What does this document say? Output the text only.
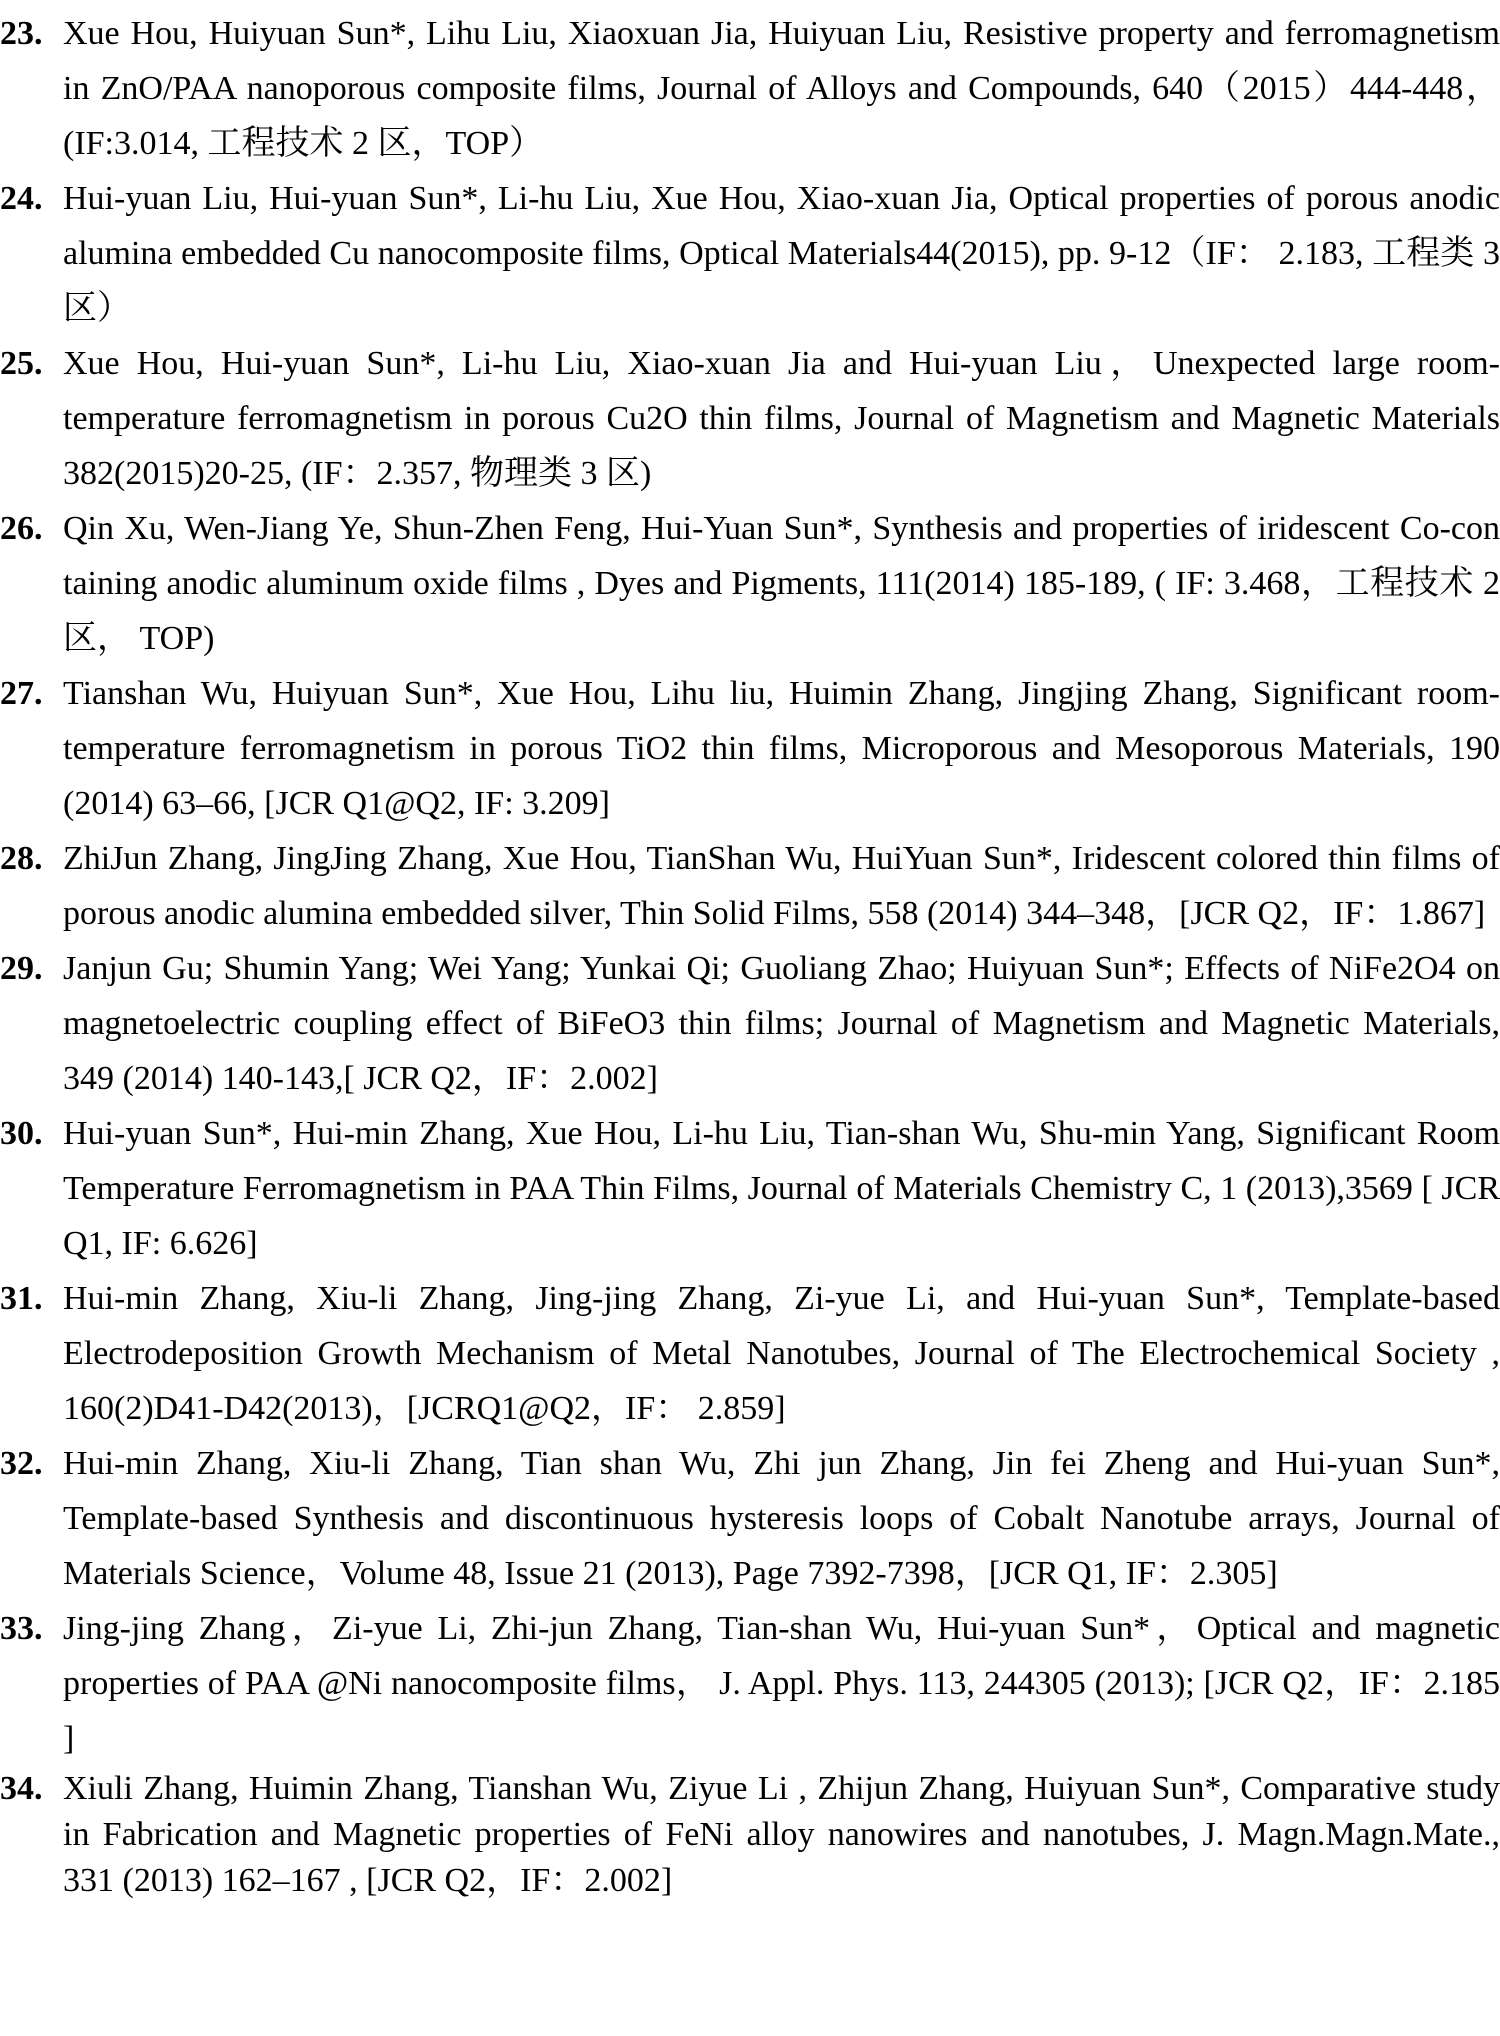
23. Xue Hou, Huiyuan Sun*, Lihu Liu, Xiaoxuan Jia, Huiyuan Liu, Resistive property and ferromagnetism in ZnO/PAA nanoporous composite films, Journal of Alloys and Compounds, 640（2015）444-448，(IF:3.014, 工程技术 2 区，TOP）
24. Hui-yuan Liu, Hui-yuan Sun*, Li-hu Liu, Xue Hou, Xiao-xuan Jia, Optical properties of porous anodic alumina embedded Cu nanocomposite films, Optical Materials44(2015), pp. 9-12（IF： 2.183, 工程类 3 区）
25. Xue Hou, Hui-yuan Sun*, Li-hu Liu, Xiao-xuan Jia and Hui-yuan Liu，Unexpected large room-temperature ferromagnetism in porous Cu2O thin films, Journal of Magnetism and Magnetic Materials 382(2015)20-25, (IF：2.357, 物理类 3 区)
26. Qin Xu, Wen-Jiang Ye, Shun-Zhen Feng, Hui-Yuan Sun*, Synthesis and properties of iridescent Co-con taining anodic aluminum oxide films , Dyes and Pigments, 111(2014) 185-189, ( IF: 3.468，工程技术 2 区， TOP)
27. Tianshan Wu, Huiyuan Sun*, Xue Hou, Lihu liu, Huimin Zhang, Jingjing Zhang, Significant room-temperature ferromagnetism in porous TiO2 thin films, Microporous and Mesoporous Materials, 190 (2014) 63–66, [JCR Q1@Q2, IF: 3.209]
28. ZhiJun Zhang, JingJing Zhang, Xue Hou, TianShan Wu, HuiYuan Sun*, Iridescent colored thin films of porous anodic alumina embedded silver, Thin Solid Films, 558 (2014) 344–348，[JCR Q2，IF：1.867]
29. Janjun Gu; Shumin Yang; Wei Yang; Yunkai Qi; Guoliang Zhao; Huiyuan Sun*; Effects of NiFe2O4 on magnetoelectric coupling effect of BiFeO3 thin films; Journal of Magnetism and Magnetic Materials, 349 (2014) 140-143,[ JCR Q2，IF：2.002]
30. Hui-yuan Sun*, Hui-min Zhang, Xue Hou, Li-hu Liu, Tian-shan Wu, Shu-min Yang, Significant Room Temperature Ferromagnetism in PAA Thin Films, Journal of Materials Chemistry C, 1 (2013),3569 [ JCR Q1, IF: 6.626]
31. Hui-min Zhang, Xiu-li Zhang, Jing-jing Zhang, Zi-yue Li, and Hui-yuan Sun*, Template-based Electrodeposition Growth Mechanism of Metal Nanotubes, Journal of The Electrochemical Society , 160(2)D41-D42(2013)，[JCRQ1@Q2，IF： 2.859]
32. Hui-min Zhang, Xiu-li Zhang, Tian shan Wu, Zhi jun Zhang, Jin fei Zheng and Hui-yuan Sun*, Template-based Synthesis and discontinuous hysteresis loops of Cobalt Nanotube arrays, Journal of Materials Science，Volume 48, Issue 21 (2013), Page 7392-7398，[JCR Q1, IF：2.305]
33. Jing-jing Zhang，Zi-yue Li, Zhi-jun Zhang, Tian-shan Wu, Hui-yuan Sun*，Optical and magnetic properties of PAA @Ni nanocomposite films， J. Appl. Phys. 113, 244305 (2013); [JCR Q2，IF：2.185 ]
34. Xiuli Zhang, Huimin Zhang, Tianshan Wu, Ziyue Li , Zhijun Zhang, Huiyuan Sun*, Comparative study in Fabrication and Magnetic properties of FeNi alloy nanowires and nanotubes, J. Magn.Magn.Mate., 331 (2013) 162–167 , [JCR Q2，IF：2.002]
